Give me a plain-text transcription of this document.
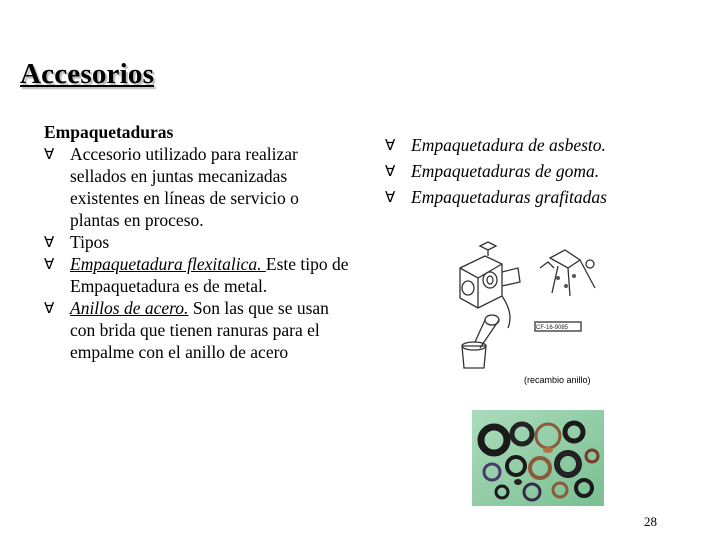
Accesorios
Empaquetaduras
∀ Accesorio utilizado para realizar sellados en juntas mecanizadas existentes en líneas de servicio o plantas en proceso.
∀ Tipos
∀ Empaquetadura flexitalica. Este tipo de Empaquetadura es de metal.
∀ Anillos de acero. Son las que se usan con brida que tienen ranuras para el empalme con el anillo de acero
∀ Empaquetadura de asbesto.
∀ Empaquetaduras de goma.
∀ Empaquetaduras grafitadas
CF-16-9085
(recambio anillo)
28
